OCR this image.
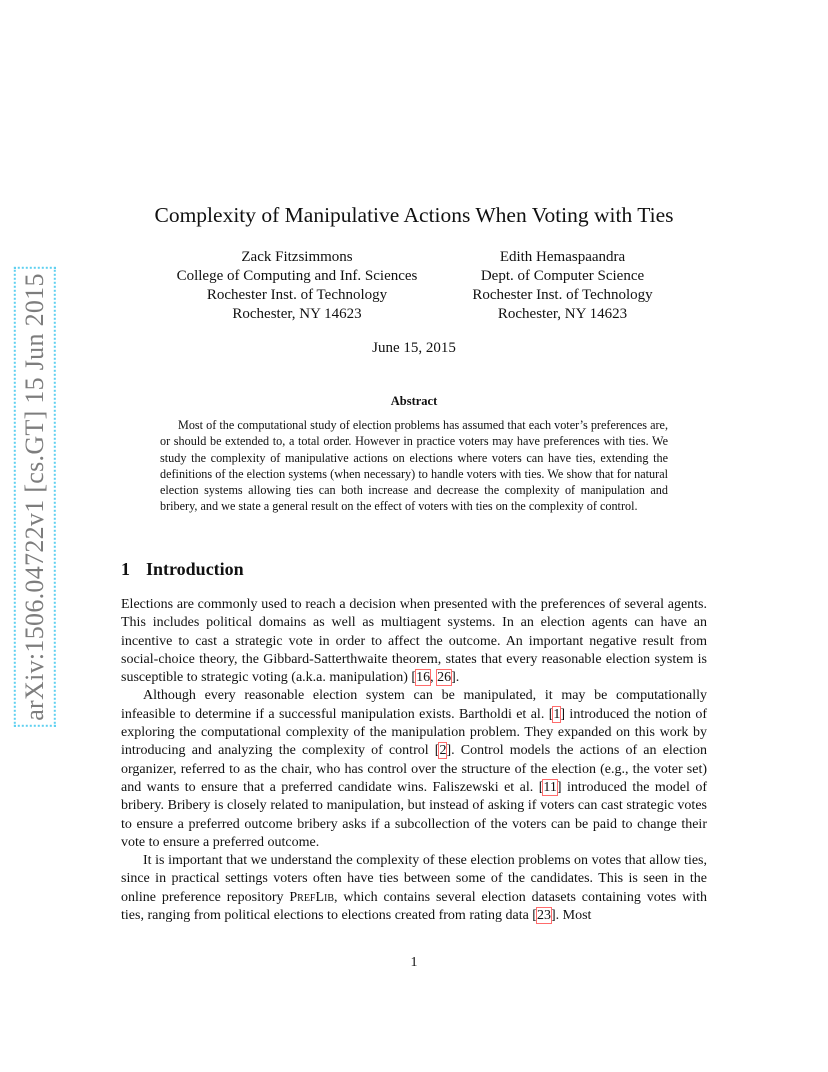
arXiv:1506.04722v1 [cs.GT] 15 Jun 2015
Complexity of Manipulative Actions When Voting with Ties
Zack Fitzsimmons
College of Computing and Inf. Sciences
Rochester Inst. of Technology
Rochester, NY 14623
Edith Hemaspaandra
Dept. of Computer Science
Rochester Inst. of Technology
Rochester, NY 14623
June 15, 2015
Abstract

Most of the computational study of election problems has assumed that each voter’s preferences are, or should be extended to, a total order. However in practice voters may have preferences with ties. We study the complexity of manipulative actions on elections where voters can have ties, extending the definitions of the election systems (when necessary) to handle voters with ties. We show that for natural election systems allowing ties can both increase and decrease the complexity of manipulation and bribery, and we state a general result on the effect of voters with ties on the complexity of control.

1 Introduction

Elections are commonly used to reach a decision when presented with the preferences of several agents. This includes political domains as well as multiagent systems. In an election agents can have an incentive to cast a strategic vote in order to affect the outcome. An important negative result from social-choice theory, the Gibbard-Satterthwaite theorem, states that every reasonable election system is susceptible to strategic voting (a.k.a. manipulation) [16, 26].

Although every reasonable election system can be manipulated, it may be computationally infeasible to determine if a successful manipulation exists. Bartholdi et al. [1] introduced the notion of exploring the computational complexity of the manipulation problem. They expanded on this work by introducing and analyzing the complexity of control [2]. Control models the actions of an election organizer, referred to as the chair, who has control over the structure of the election (e.g., the voter set) and wants to ensure that a preferred candidate wins. Faliszewski et al. [11] introduced the model of bribery. Bribery is closely related to manipulation, but instead of asking if voters can cast strategic votes to ensure a preferred outcome bribery asks if a subcollection of the voters can be paid to change their vote to ensure a preferred outcome.

It is important that we understand the complexity of these election problems on votes that allow ties, since in practical settings voters often have ties between some of the candidates. This is seen in the online preference repository PrefLib, which contains several election datasets containing votes with ties, ranging from political elections to elections created from rating data [23]. Most

1
